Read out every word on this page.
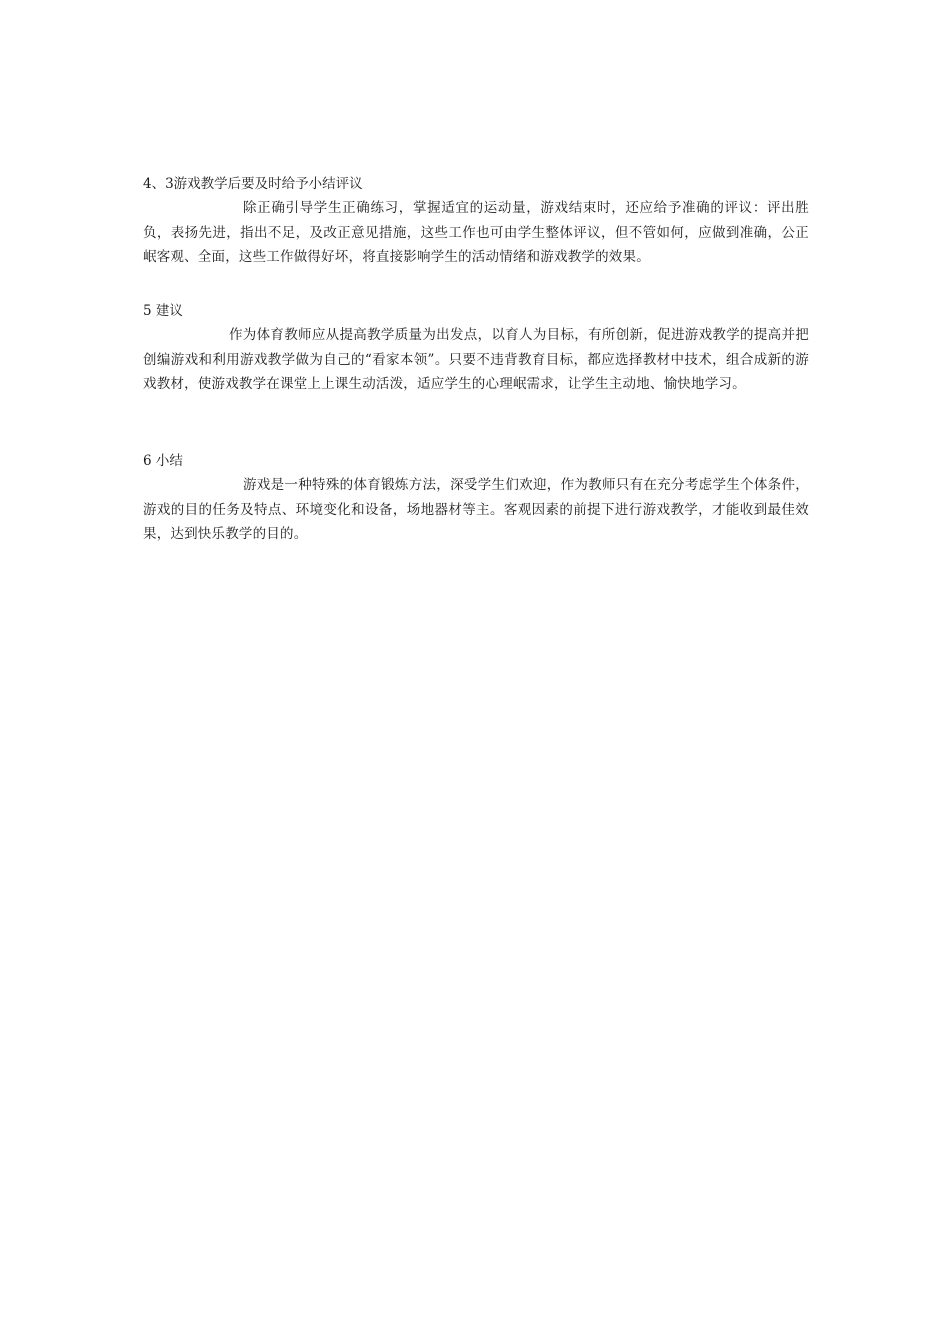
4、3游戏教学后要及时给予小结评议
除正确引导学生正确练习，掌握适宜的运动量，游戏结束时，还应给予准确的评议：评出胜负，表扬先进，指出不足，及改正意见措施，这些工作也可由学生整体评议，但不管如何，应做到准确，公正岷客观、全面，这些工作做得好坏，将直接影响学生的活动情绪和游戏教学的效果。
5 建议
作为体育教师应从提高教学质量为出发点，以育人为目标，有所创新，促进游戏教学的提高并把创编游戏和利用游戏教学做为自己的“看家本领”。只要不违背教育目标，都应选择教材中技术，组合成新的游戏教材，使游戏教学在课堂上上课生动活泼，适应学生的心理岷需求，让学生主动地、愉快地学习。
6 小结
游戏是一种特殊的体育锻炼方法，深受学生们欢迎，作为教师只有在充分考虑学生个体条件，游戏的目的任务及特点、环境变化和设备，场地器材等主。客观因素的前提下进行游戏教学，才能收到最佳效果，达到快乐教学的目的。
